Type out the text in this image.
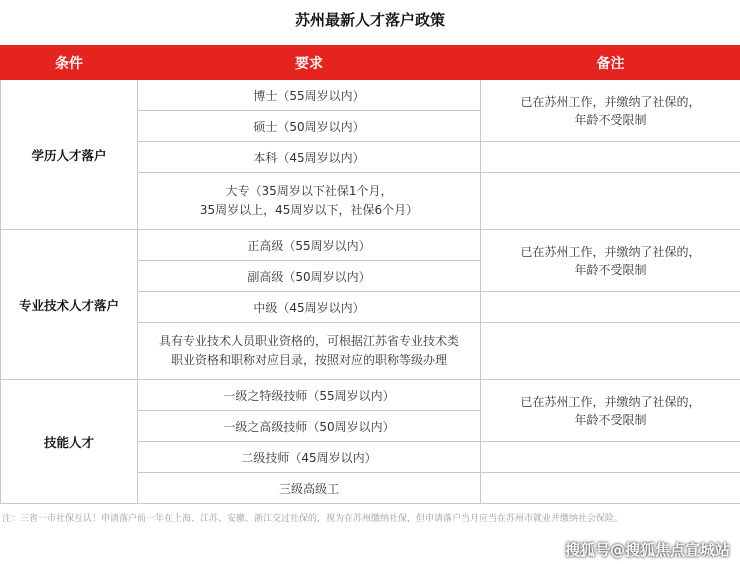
苏州最新人才落户政策
条件	要求	备注
学历人才落户	博士（55周岁以内）	已在苏州工作，并缴纳了社保的，
年龄不受限制
	硕士（50周岁以内）	
	本科（45周岁以内）	
	大专（35周岁以下社保1个月，
35周岁以上，45周岁以下，社保6个月）	
专业技术人才落户	正高级（55周岁以内）	已在苏州工作，并缴纳了社保的，
年龄不受限制
	副高级（50周岁以内）	
	中级（45周岁以内）	
	具有专业技术人员职业资格的，可根据江苏省专业技术类
职业资格和职称对应目录，按照对应的职称等级办理	
技能人才	一级之特级技师（55周岁以内）	已在苏州工作，并缴纳了社保的，
年龄不受限制
	一级之高级技师（50周岁以内）	
	二级技师（45周岁以内）	
	三级高级工	
注：三省一市社保互认！申请落户前一年在上海、江苏、安徽、浙江交过社保的，视为在苏州缴纳社保，但申请落户当月应当在苏州市就业并缴纳社会保险。
搜狐号@搜狐焦点宣城站
